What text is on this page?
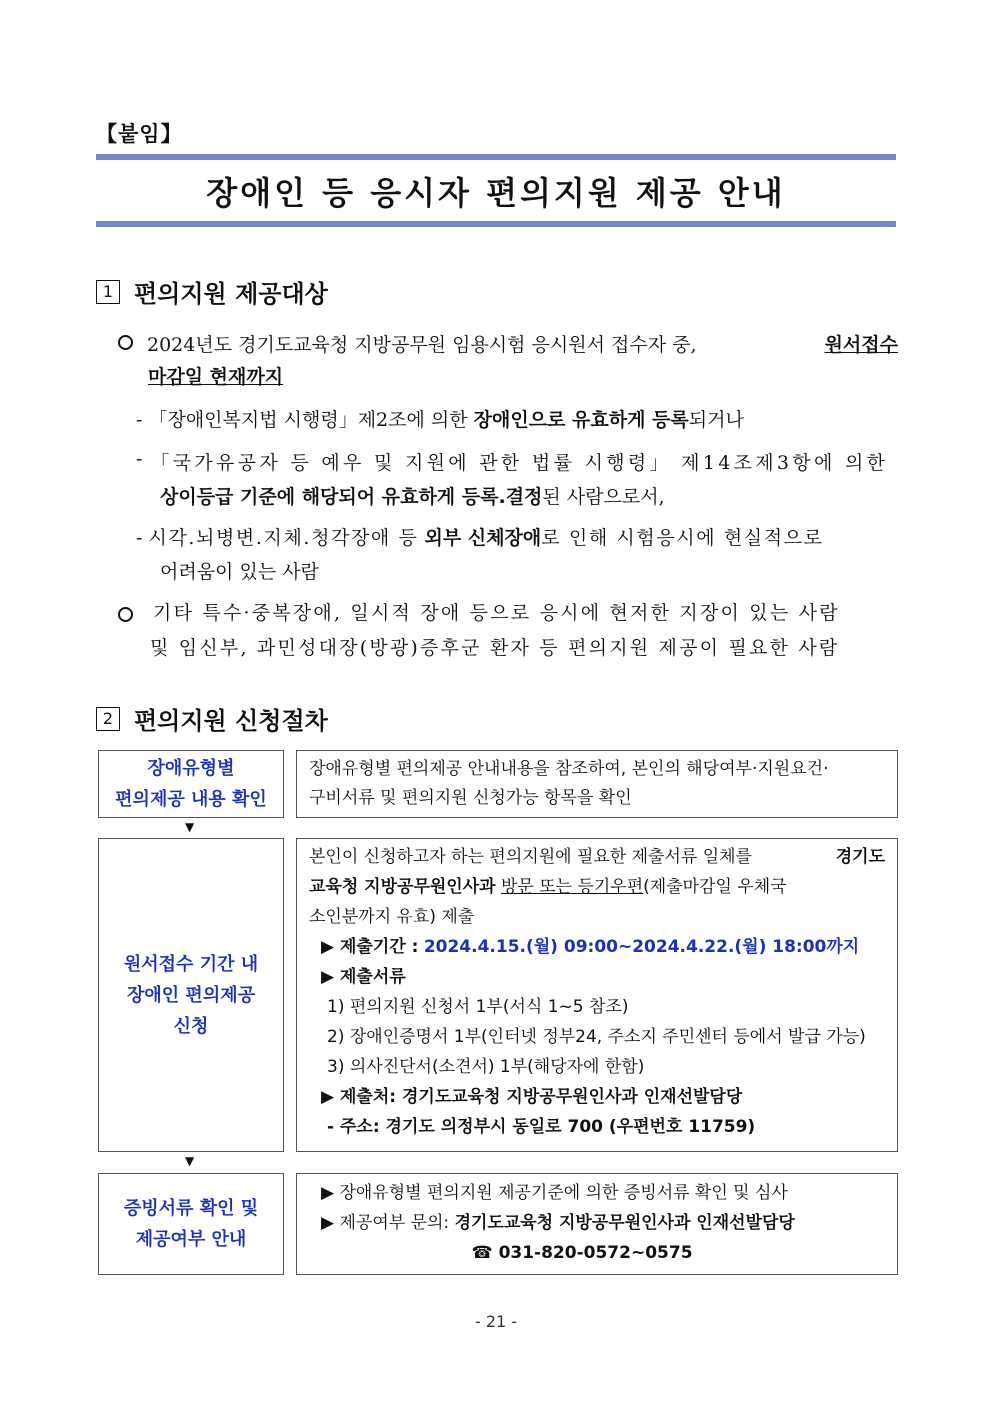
【붙임】
장애인 등 응시자 편의지원 제공 안내
1 편의지원 제공대상
2024년도 경기도교육청 지방공무원 임용시험 응시원서 접수자 중,	원서접수
마감일 현재까지
- 「장애인복지법 시행령」제2조에 의한 장애인으로 유효하게 등록되거나
- 「국가유공자 등 예우 및 지원에 관한 법률 시행령」 제14조제3항에 의한
상이등급 기준에 해당되어 유효하게 등록.결정된 사람으로서,
- 시각.뇌병변.지체.청각장애 등 외부 신체장애로 인해 시험응시에 현실적으로
어려움이 있는 사람
기타 특수·중복장애, 일시적 장애 등으로 응시에 현저한 지장이 있는 사람
및 임신부, 과민성대장(방광)증후군 환자 등 편의지원 제공이 필요한 사람
2 편의지원 신청절차
장애유형별
편의제공 내용 확인
장애유형별 편의제공 안내내용을 참조하여, 본인의 해당여부·지원요건·
구비서류 및 편의지원 신청가능 항목을 확인
▼
원서접수 기간 내
장애인 편의제공
신청
본인이 신청하고자 하는 편의지원에 필요한 제출서류 일체를	경기도
교육청 지방공무원인사과 방문 또는 등기우편(제출마감일 우체국
소인분까지 유효) 제출
▶ 제출기간 : 2024.4.15.(월) 09:00~2024.4.22.(월) 18:00까지
▶ 제출서류
1) 편의지원 신청서 1부(서식 1~5 참조)
2) 장애인증명서 1부(인터넷 정부24, 주소지 주민센터 등에서 발급 가능)
3) 의사진단서(소견서) 1부(해당자에 한함)
▶ 제출처: 경기도교육청 지방공무원인사과 인재선발담당
- 주소: 경기도 의정부시 동일로 700 (우편번호 11759)
▼
증빙서류 확인 및
제공여부 안내
▶ 장애유형별 편의지원 제공기준에 의한 증빙서류 확인 및 심사
▶ 제공여부 문의: 경기도교육청 지방공무원인사과 인재선발담당
☎ 031-820-0572~0575
- 21 -
